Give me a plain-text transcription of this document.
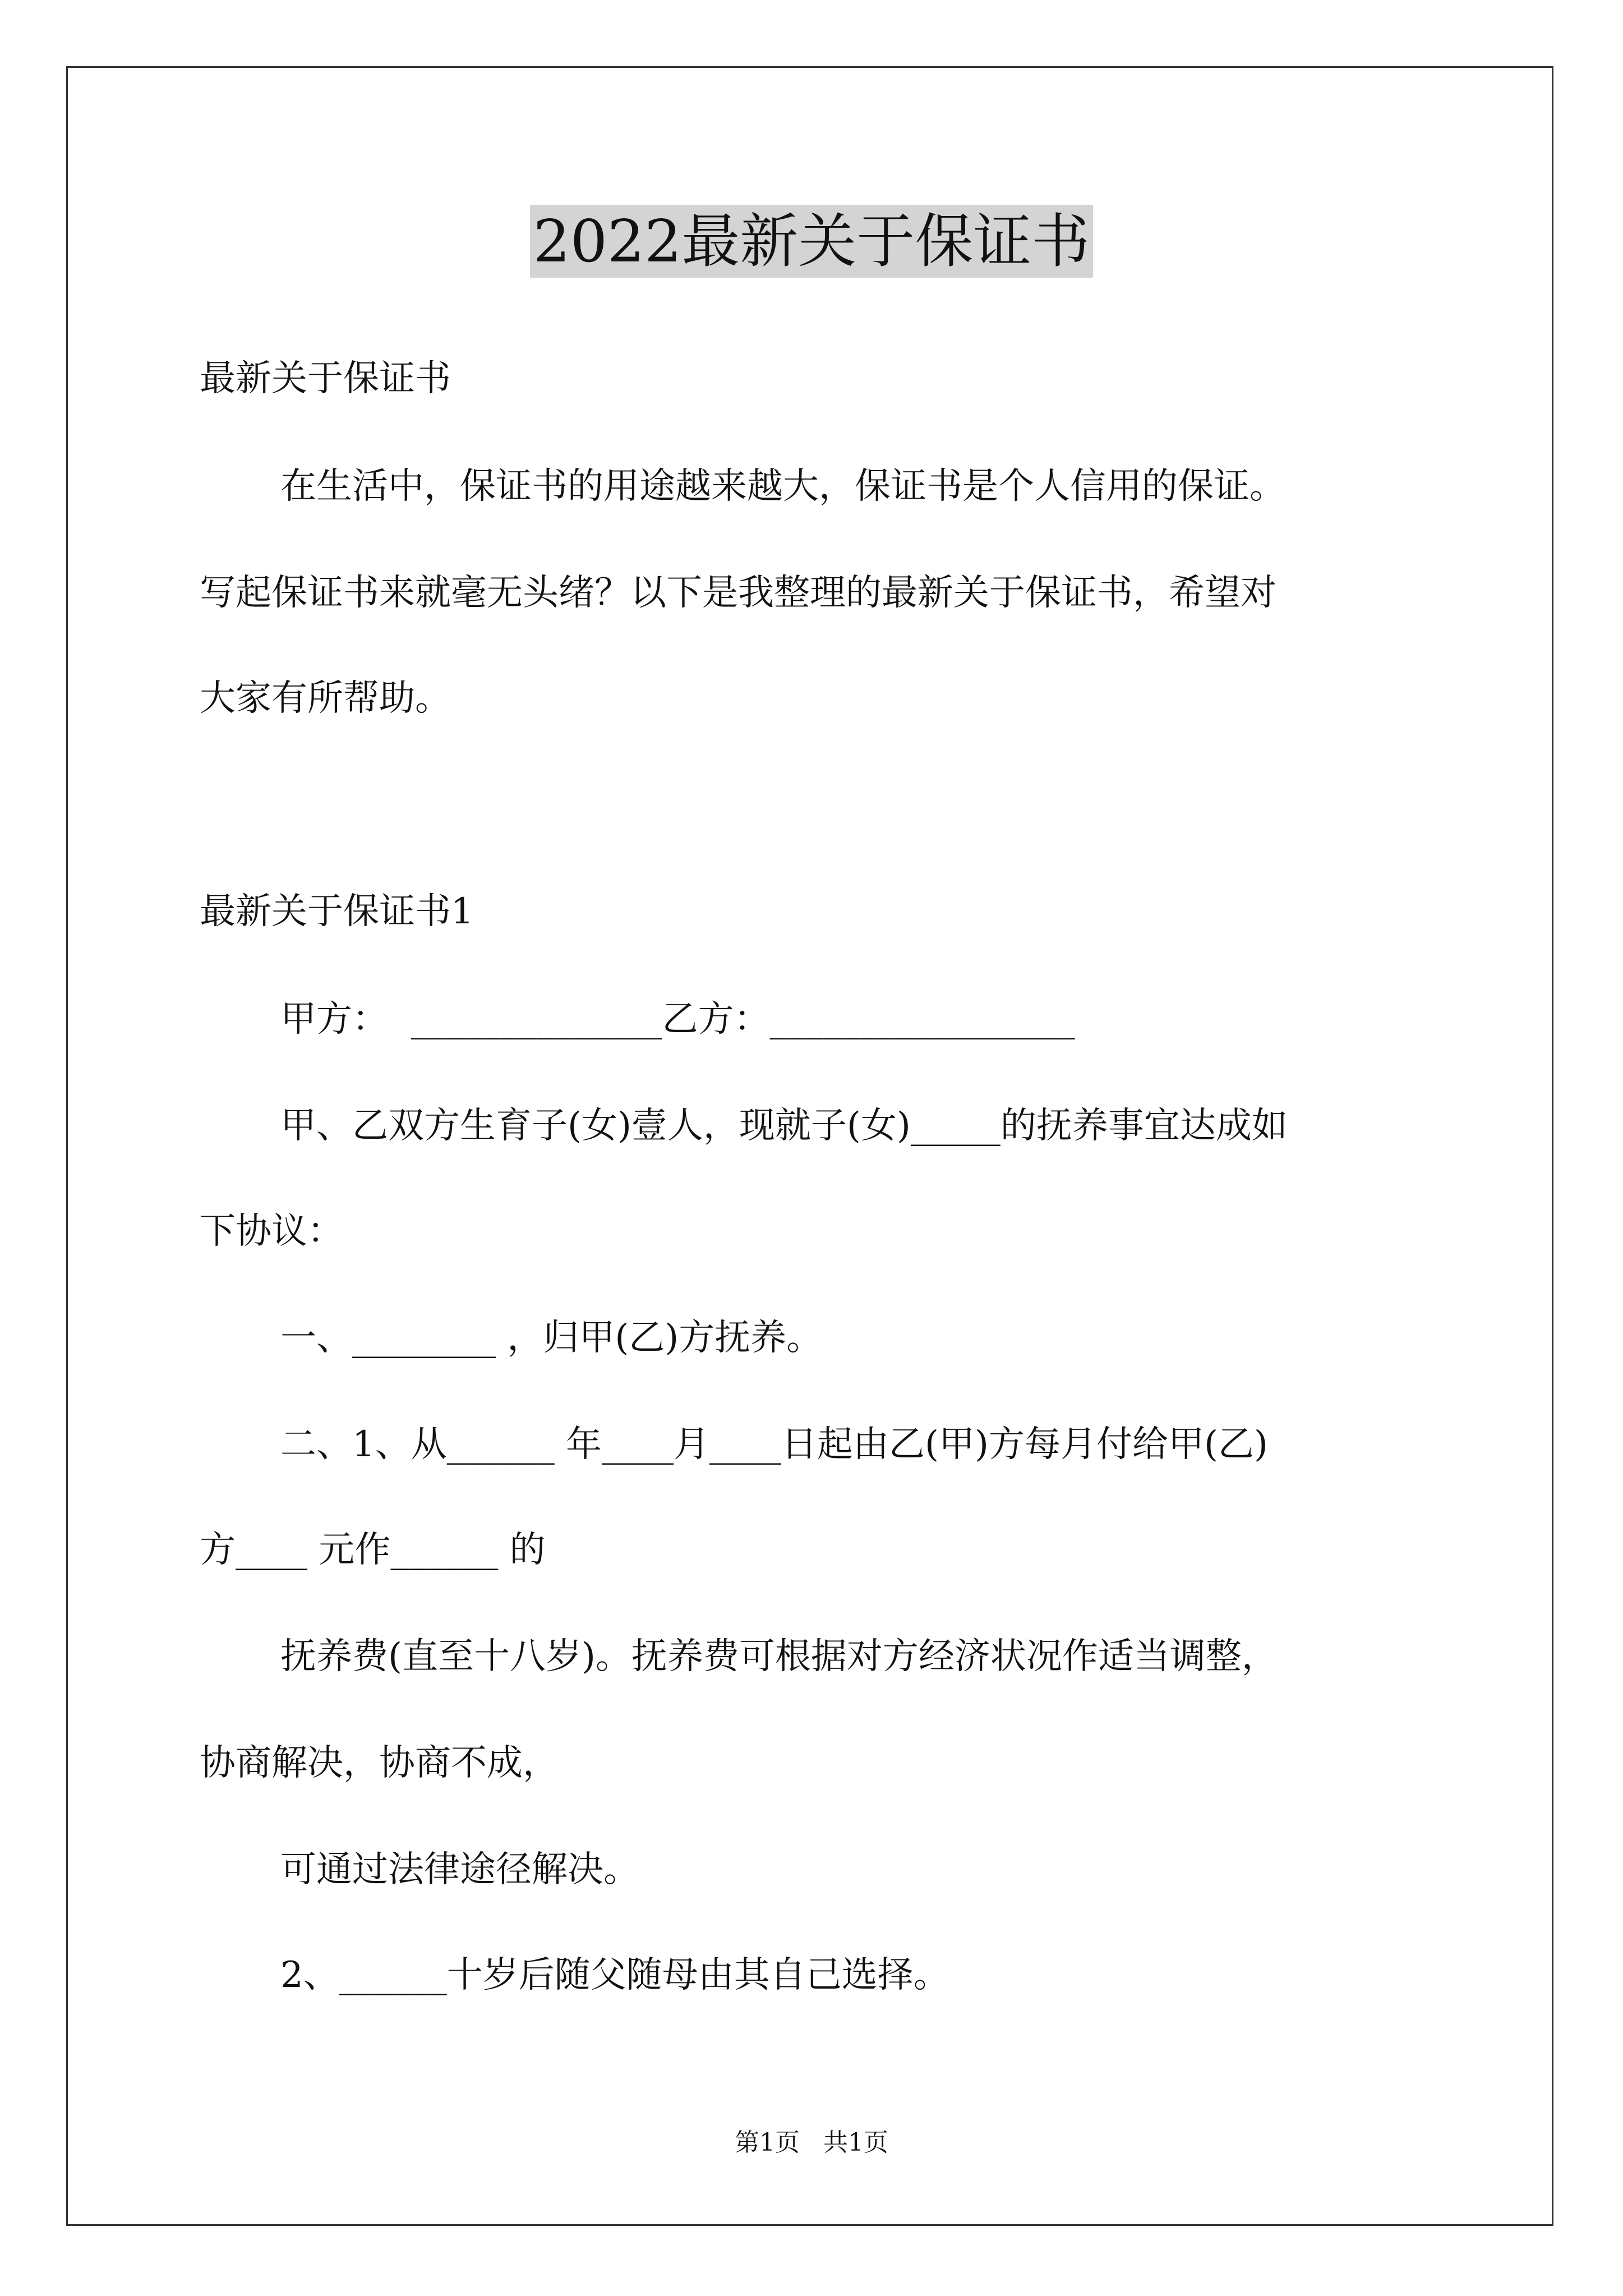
2022最新关于保证书
最新关于保证书
在生活中，保证书的用途越来越大，保证书是个人信用的保证。
写起保证书来就毫无头绪？以下是我整理的最新关于保证书，希望对
大家有所帮助。
最新关于保证书1
甲方：  ______________乙方：_________________
甲、乙双方生育子(女)壹人，现就子(女)_____的抚养事宜达成如
下协议：
一、________ ，归甲(乙)方抚养。
二、1、从______ 年____月____日起由乙(甲)方每月付给甲(乙)
方____ 元作______ 的
抚养费(直至十八岁)。抚养费可根据对方经济状况作适当调整，
协商解决，协商不成，
可通过法律途径解决。
2、______十岁后随父随母由其自己选择。
第1页   共1页
